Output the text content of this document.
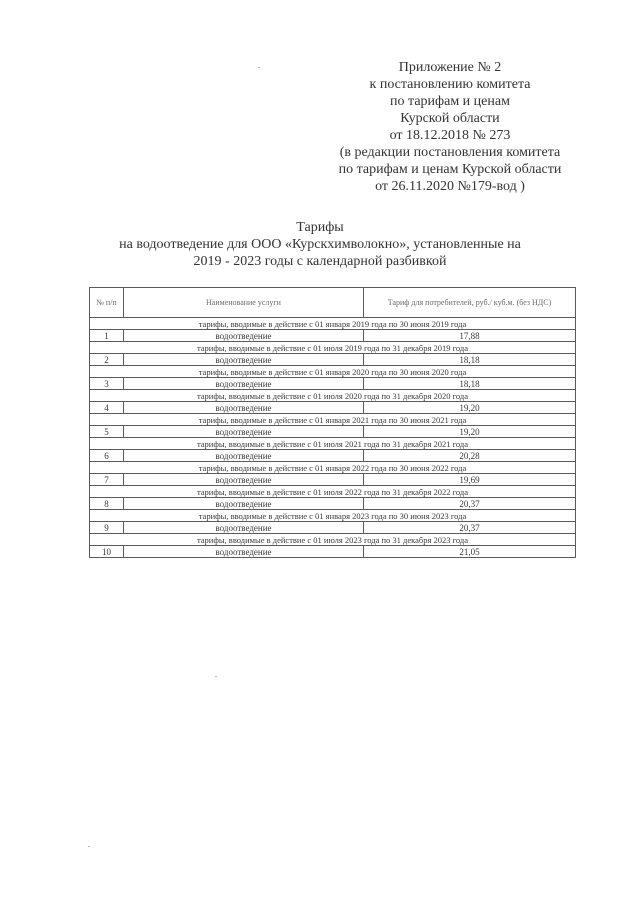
Приложение № 2
к постановлению комитета
по тарифам и ценам
Курской области
от 18.12.2018 № 273
(в редакции постановления комитета
по тарифам и ценам Курской области
от 26.11.2020 №179-вод )
Тарифы
на водоотведение для ООО «Курскхимволокно», установленные на
2019 - 2023 годы с календарной разбивкой
№ п/п	Наименование услуги	Тариф для потребителей, руб./ куб.м. (без НДС)
тарифы, вводимые в действие с 01 января 2019 года по 30 июня 2019 года		
1	водоотведение	17,88
тарифы, вводимые в действие с 01 июля 2019 года по 31 декабря 2019 года		
2	водоотведение	18,18
тарифы, вводимые в действие с 01 января 2020 года по 30 июня 2020 года		
3	водоотведение	18,18
тарифы, вводимые в действие с 01 июля 2020 года по 31 декабря 2020 года		
4	водоотведение	19,20
тарифы, вводимые в действие с 01 января 2021 года по 30 июня 2021 года		
5	водоотведение	19,20
тарифы, вводимые в действие с 01 июля 2021 года по 31 декабря 2021 года		
6	водоотведение	20,28
тарифы, вводимые в действие с 01 января 2022 года по 30 июня 2022 года		
7	водоотведение	19,69
тарифы, вводимые в действие с 01 июля 2022 года по 31 декабря 2022 года		
8	водоотведение	20,37
тарифы, вводимые в действие с 01 января 2023 года по 30 июня 2023 года		
9	водоотведение	20,37
тарифы, вводимые в действие с 01 июля 2023 года по 31 декабря 2023 года		
10	водоотведение	21,05
